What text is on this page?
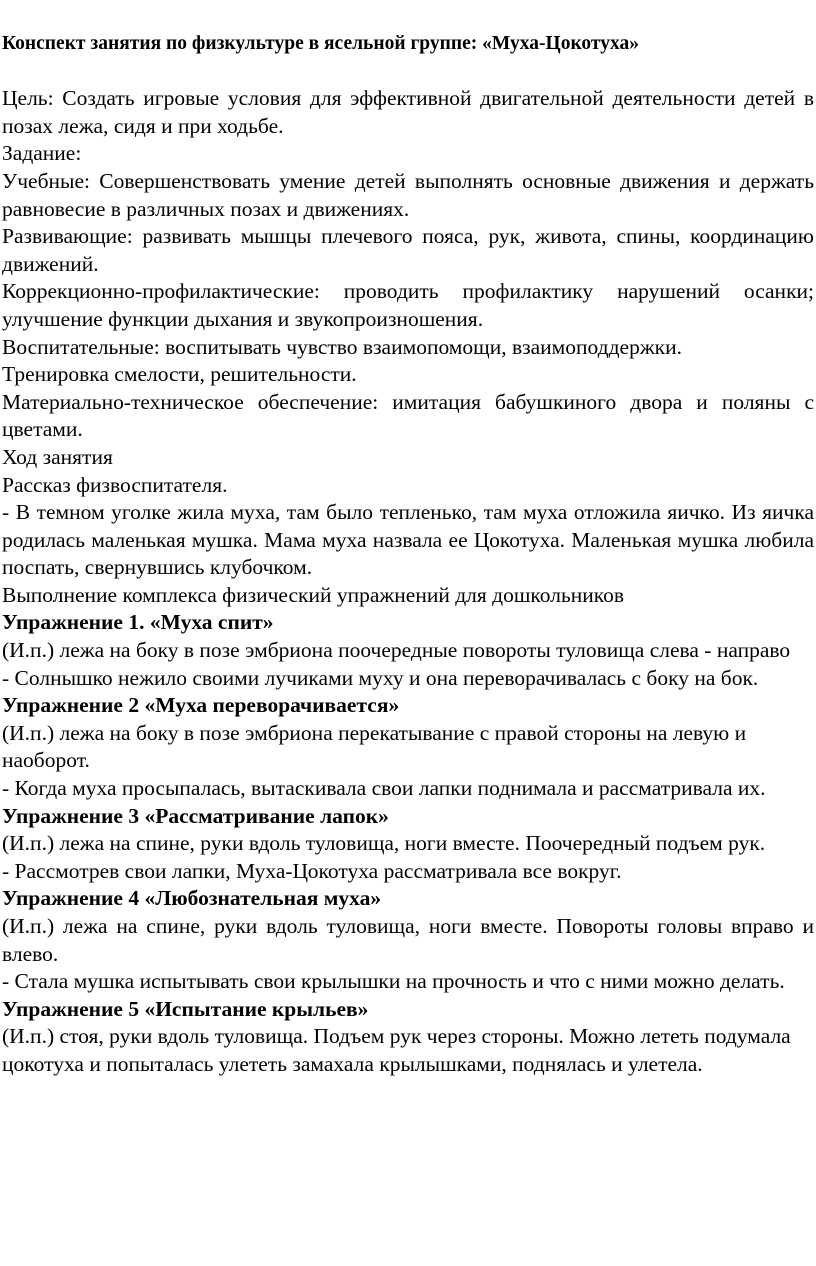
Конспект занятия по физкультуре в ясельной группе: «Муха-Цокотуха»

Цель: Создать игровые условия для эффективной двигательной деятельности детей в позах лежа, сидя и при ходьбе.

Задание:

Учебные: Совершенствовать умение детей выполнять основные движения и держать равновесие в различных позах и движениях.

Развивающие: развивать мышцы плечевого пояса, рук, живота, спины, координацию движений.

Коррекционно-профилактические: проводить профилактику нарушений осанки; улучшение функции дыхания и звукопроизношения.

Воспитательные: воспитывать чувство взаимопомощи, взаимоподдержки.

Тренировка смелости, решительности.

Материально-техническое обеспечение: имитация бабушкиного двора и поляны с цветами.

Ход занятия

Рассказ физвоспитателя.

- В темном уголке жила муха, там было тепленько, там муха отложила яичко. Из яичка родилась маленькая мушка. Мама муха назвала ее Цокотуха. Маленькая мушка любила поспать, свернувшись клубочком.

Выполнение комплекса физический упражнений для дошкольников

Упражнение 1. «Муха спит»

(И.п.) лежа на боку в позе эмбриона поочередные повороты туловища слева - направо

- Солнышко нежило своими лучиками муху и она переворачивалась с боку на бок.

Упражнение 2 «Муха переворачивается»

(И.п.) лежа на боку в позе эмбриона перекатывание с правой стороны на левую и наоборот.

- Когда муха просыпалась, вытаскивала свои лапки поднимала и рассматривала их.

Упражнение 3 «Рассматривание лапок»

(И.п.) лежа на спине, руки вдоль туловища, ноги вместе. Поочередный подъем рук.

- Рассмотрев свои лапки, Муха-Цокотуха рассматривала все вокруг.

Упражнение 4 «Любознательная муха»

(И.п.) лежа на спине, руки вдоль туловища, ноги вместе. Повороты головы вправо и влево.

- Стала мушка испытывать свои крылышки на прочность и что с ними можно делать.

Упражнение 5 «Испытание крыльев»

(И.п.) стоя, руки вдоль туловища. Подъем рук через стороны. Можно лететь подумала цокотуха и попыталась улететь замахала крылышками, поднялась и улетела.
